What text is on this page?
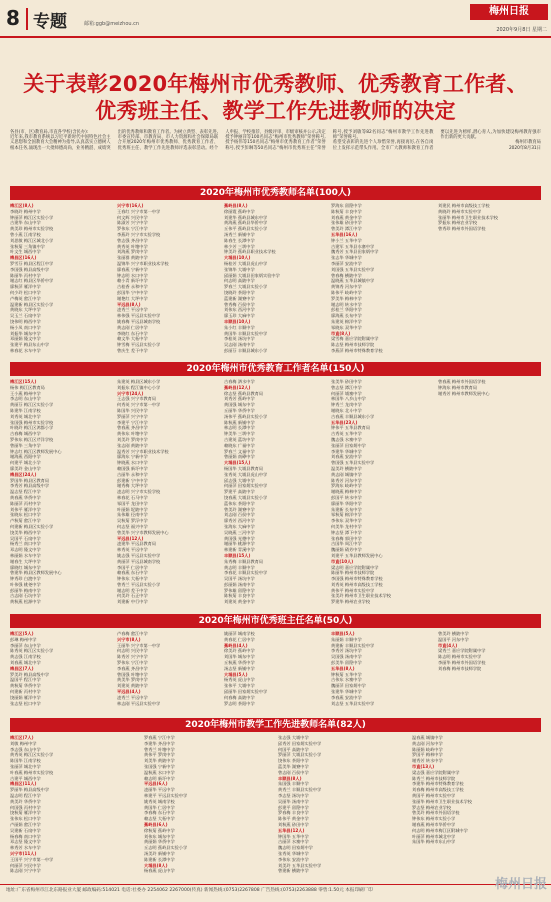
8 专题	邮箱:ggb@meizhou.cn
梅州日报
2020年9月8日 星期二
关于表彰2020年梅州市优秀教师、优秀教育工作者、
优秀班主任、教学工作先进教师的决定

各县(市、区)教育局,市直各学校(含民办):

近年来,我市教育系统以习近平新时代中国特色社会主义思想和全国教育大会精神为指导,认真落实立德树人根本任务,涌现出一大批师德高尚、业务精湛、成绩突出的优秀教师和教育工作者。为树立典型、表彰先进,市委宣传部、市教育局、市人力资源和社会保障局联合开展2020年梅州市优秀教师、优秀教育工作者、优秀班主任、教学工作先进教师评选表彰活动。经个人申报、学校推荐、县级评审、市级审核并公示,决定授予钟丽萍等100名同志“梅州市优秀教师”荣誉称号,授予杨伟等150名同志“梅州市优秀教育工作者”荣誉称号,授予彭琳等50名同志“梅州市优秀班主任”荣誉称号,授予刘敏等82名同志“梅州市教学工作先进教师”荣誉称号。

希望受表彰的先进个人珍惜荣誉,再接再厉,在各自岗位上发挥示范带头作用。全市广大教师和教育工作者要以先进为榜样,潜心育人,为加快建设梅州教育强市作出新的更大贡献。

梅州市教育局

2020年8月31日

2020年梅州市优秀教师名单(100人)
梅江区(8人)
李晓玲 梅州中学
钟丽萍 梅江区实验小学
古建华 东山中学
黄美珍 梅州市实验学校
曾小燕 江南学校
刘思敏 梅江区城北小学
张秋菊 三角镇中学
叶文生 城西中学
梅县区(16人)
罗雪芬 梅县区程江中学
李国强 梅县高级中学
陈丽华 丙村中学
谢志红 梅县区华侨中学
廖秋萍 雁洋中学
何少玲 松口中学
卢梅英 畲江中学
温建新 梅县区实验小学
黄晓东 大坪中学
吴玉兰 石扇中学
饶伟明 梅西中学
杨小凤 南口中学
刘振华 城东中学
邓丽娟 隆文中学
张建平 梅县东山中学
林春花 水车中学
兴宁市(16人)
王春红 兴宁市第一中学
何文辉 兴民中学
陈淑芳 兴宁中学
罗伟东 宁江中学
李燕玲 兴宁市实验学校
曾志强 齐昌中学
黄秀英 叶塘中学
刘海燕 罗岗中学
张丽群 黄陂中学
温锦华 兴宁市职业技术学校
廖春燕 宁新中学
钟志明 水口中学
赖小青 新圩中学
古桂香 永和中学
彭国华 宁中中学
谢艳红 大坪中学
平远县(8人)
凌秀兰 平远中学
林伟强 平远县实验中学
姚春梅 平远县城南学校
黄志刚 仁居中学
李晓红 东石中学
赖文华 大柘中学
钟雪梅 平远县实验小学
曾庆生 差干中学
蕉岭县(8人)
徐丽霞 蕉岭中学
刘建华 蕉岭县城东中学
黄海燕 蕉岭县华侨中学
丘伟平 蕉岭县实验小学
汤秀兰 新铺中学
陈春生 长潭中学
林少芳 三圳中学
钟美玲 蕉岭县职业技术学校
大埔县(10人)
杨桂芳 大埔县虎山中学
张锦华 大埔中学
邱丽娟 大埔县田家炳实验中学
何志明 高陂中学
罗春兰 大埔县实验小学
饶晓玲 茶阳中学
蓝建新 湖寮中学
曾秀梅 百侯中学
刘伟东 西河中学
廖玉珍 大麻中学
丰顺县(10人)
朱小红 丰顺中学
黄国华 丰顺县实验中学
李桂英 汤坑中学
吴志刚 汤南中学
彭丽芬 丰顺县城东小学
罗海东 留隍中学
陈秋菊 丰良中学
刘春燕 黄金中学
张伟雄 砂田中学
曾美玲 潭江中学
五华县(16人)
钟小兰 五华中学
古建军 五华县水寨中学
魏秀芳 五华县田家炳中学
张志华 华城中学
李丽萍 安流中学
刘国强 五华县实验中学
曾春梅 横陂中学
温晓燕 五华县城镇中学
黄锦秀 河东中学
陈伟平 岐岭中学
罗美华 梅林中学
谢志明 转水中学
彭桂兰 华阳中学
廖海燕 长布中学
朱建英 棉洋中学
邹晓东 双华中学
市直(8人)
梁雪梅 嘉应学院附属中学
陈志坚 梅州市技师学院
李燕萍 梅州市特殊教育学校
刘建民 梅州市高级技工学校
黄晓玲 梅州市实验中学
张丽华 梅州市卫生职业技术学校
罗振东 梅州农业学校
曾秀珍 梅州市外国语学校
2020年梅州市优秀教育工作者名单(150人)
梅江区(15人)
杨伟 梅江区教育局
王小燕 梅州中学
李志明 东山中学
黄丽芬 梅江区实验小学
陈建华 江南学校
刘秀英 城北中学
张国强 梅州市实验学校
叶晓玲 梅江区鸿都小学
古春梅 城西中学
罗伟东 梅江区芹洋学校
曾丽华 三角中学
钟志红 梅江区教师发展中心
谢海燕 西阳中学
何建平 城北小学
廖美玲 金山中学
梅县区(24人)
罗国华 梅县区教育局
李秀芳 梅县高级中学
温志坚 程江中学
黄春燕 华侨中学
陈丽萍 丙村中学
刘伟平 雁洋中学
张晓东 松口中学
卢秋菊 畲江中学
何建新 梅县区实验小学
饶美华 梅西中学
吴国平 石扇中学
杨秀兰 南口中学
邓志明 隆文中学
林丽娟 水车中学
谢春生 大坪中学
廖晓红 城东中学
曾建华 梅县区教师发展中心
钟秀珍 白渡中学
叶伟强 桃尧中学
彭丽华 梅南中学
古志刚 石坑中学
黄秋燕 松源中学
朱建英 梅县区城东小学
刘振东 程江镇中心小学
兴宁市(24人)
王志强 兴宁市教育局
何秀英 兴宁市第一中学
陈国华 兴民中学
罗丽萍 兴宁中学
李建平 宁江中学
曾春燕 齐昌中学
黄伟东 叶塘中学
刘美玲 罗岗中学
张志刚 黄陂中学
温秀芳 兴宁市职业技术学校
廖海东 宁新中学
钟晓燕 水口中学
赖国强 新圩中学
古丽华 永和中学
彭建新 宁中中学
谢秀梅 大坪中学
凌志明 兴宁市实验学校
林春花 石马中学
邹国平 龙田中学
叶丽娟 坭陂中学
朱伟雄 径南中学
吴秋菊 罗浮中学
何志坚 福兴中学
曾美华 兴宁市教师发展中心
平远县(12人)
凌建华 平远县教育局
林秀英 平远中学
姚志强 平远县实验中学
黄丽萍 平远县城南学校
李国平 仁居中学
赖春燕 东石中学
钟伟东 大柘中学
曾秀兰 平远县实验小学
谢志明 差干中学
何美玲 石正中学
刘建新 中行中学
古春梅 泗水中学
蕉岭县(12人)
徐志坚 蕉岭县教育局
刘秀芳 蕉岭中学
黄国强 城东中学
丘丽华 华侨中学
汤伟平 蕉岭县实验小学
陈秋燕 新铺中学
林志明 长潭中学
钟美华 三圳中学
古建英 蓝坊中学
赖晓东 广福中学
罗春兰 文福中学
曾丽娟 南磜中学
大埔县(15人)
杨国华 大埔县教育局
张秀英 大埔县虎山中学
邱志强 大埔中学
何丽萍 田家炳实验中学
罗建平 高陂中学
饶春燕 大埔县实验小学
蓝伟东 茶阳中学
曾美玲 湖寮中学
刘志刚 百侯中学
廖秀芳 西河中学
张海东 大麻中学
吴晓燕 三河中学
黄国强 光德中学
谢丽华 桃源中学
林建新 青溪中学
丰顺县(15人)
朱秀梅 丰顺县教育局
黄志明 丰顺中学
李春花 丰顺县实验中学
吴国平 汤坑中学
彭丽娟 汤南中学
罗伟雄 留隍中学
陈秋菊 丰良中学
刘建英 黄金中学
张美华 砂田中学
曾志坚 潭江中学
何丽萍 埔寨中学
林国华 八乡山中学
钟秀兰 龙岗中学
谢晓东 北斗中学
古春燕 丰顺县城东小学
五华县(23人)
钟伟平 五华县教育局
古秀英 五华中学
魏志强 水寨中学
张丽萍 田家炳中学
李建华 华城中学
刘春燕 安流中学
曾国强 五华县实验中学
温美玲 横陂中学
黄志刚 城镇中学
陈秀芳 河东中学
罗海东 岐岭中学
谢晓燕 梅林中学
彭国平 转水中学
廖丽华 华阳中学
朱建新 长布中学
邹秋菊 棉洋中学
李伟东 双华中学
何美华 龙村中学
钟志坚 潭下中学
张春梅 郭田中学
古国华 周江中学
魏丽娟 硝芳中学
刘建平 五华县教师发展中心
市直(10人)
梁志明 嘉应学院附属中学
陈丽华 梅州市技师学院
李国强 梅州市特殊教育学校
刘秀英 梅州市高级技工学校
黄伟平 梅州市实验中学
张美玲 梅州市卫生职业技术学校
罗建华 梅州农业学校
曾春燕 梅州市外国语学校
钟海东 梅州市教育局
谢秀芳 梅州市教师发展中心
2020年梅州市优秀班主任名单(50人)
梅江区(5人)
彭琳 梅州中学
李丽萍 东山中学
陈秀英 梅江区实验小学
黄志强 江南学校
刘春燕 城北中学
梅县区(7人)
罗美玲 梅县高级中学
温国平 程江中学
黄秋菊 华侨中学
何建新 丙村中学
饶丽娟 雁洋中学
张志坚 松口中学
卢春梅 畲江中学
兴宁市(8人)
王丽华 兴宁市第一中学
何志明 兴民中学
陈秀芳 兴宁中学
罗伟东 宁江中学
李春燕 齐昌中学
曾国强 叶塘中学
黄美华 罗岗中学
刘建英 黄陂中学
平远县(4人)
凌秀兰 平远中学
林志刚 平远县实验中学
姚丽萍 城南学校
黄春花 仁居中学
蕉岭县(4人)
徐美玲 蕉岭中学
刘国华 城东中学
丘秋燕 华侨中学
汤志坚 新铺中学
大埔县(5人)
杨秀英 虎山中学
张伟平 大埔中学
邱丽华 田家炳实验中学
何春梅 高陂中学
罗志明 茶阳中学
丰顺县(5人)
朱丽娟 丰顺中学
黄建新 丰顺县实验中学
李秀芳 汤坑中学
吴国强 汤南中学
彭美华 留隍中学
五华县(8人)
钟秋菊 五华中学
古伟东 水寨中学
魏丽萍 田家炳中学
张建华 华城中学
李春燕 安流中学
刘志坚 五华县实验中学
曾美玲 横陂中学
温国平 河东中学
市直(4人)
梁秀兰 嘉应学院附属中学
陈志明 梅州市实验中学
李丽华 梅州市外国语学校
刘春梅 梅州市技师学院
2020年梅州市教学工作先进教师名单(82人)
梅江区(7人)
刘敏 梅州中学
李志强 东山中学
黄秀英 梅江区实验小学
陈国华 江南学校
张丽萍 城北中学
叶春燕 梅州市实验学校
古建平 城西中学
梅县区(11人)
罗丽华 梅县高级中学
温志明 程江中学
黄美玲 华侨中学
何国强 丙村中学
饶秋菊 雁洋中学
张伟东 松口中学
卢丽娟 畲江中学
吴建新 石扇中学
杨春梅 南口中学
邓志坚 隆文中学
林秀芳 水车中学
兴宁市(11人)
王国平 兴宁市第一中学
何丽萍 兴民中学
陈志刚 兴宁中学
罗春燕 宁江中学
李建华 齐昌中学
曾秀兰 叶塘中学
黄伟平 罗岗中学
刘美华 黄陂中学
张国强 宁新中学
温秋燕 水口中学
赖志明 新圩中学
平远县(6人)
凌丽华 平远中学
林建平 平远县实验中学
姚秀英 城南学校
黄国华 仁居中学
李春梅 东石中学
赖志坚 大柘中学
蕉岭县(6人)
徐秋菊 蕉岭中学
刘伟东 城东中学
黄丽娟 华侨中学
丘志明 蕉岭县实验小学
汤美玲 新铺中学
陈建新 长潭中学
大埔县(8人)
杨春燕 虎山中学
张志强 大埔中学
邱秀芳 田家炳实验中学
何国平 高陂中学
罗丽萍 大埔县实验小学
饶伟东 茶阳中学
蓝美华 湖寮中学
曾志刚 百侯中学
丰顺县(8人)
朱国强 丰顺中学
黄秀兰 丰顺县实验中学
李志坚 汤坑中学
吴丽华 汤南中学
彭建平 留隍中学
罗春梅 丰良中学
陈伟平 黄金中学
刘秋燕 砂田中学
五华县(12人)
钟国华 五华中学
古丽萍 水寨中学
魏志明 田家炳中学
张秀英 华城中学
李伟东 安流中学
刘美玲 五华县实验中学
曾建新 横陂中学
温春燕 城镇中学
黄志刚 河东中学
陈丽娟 岐岭中学
罗国平 梅林中学
谢秀芳 转水中学
市直(13人)
梁志强 嘉应学院附属中学
陈秀兰 梅州市技师学院
李建华 梅州市特殊教育学校
刘春梅 梅州市高级技工学校
黄国平 梅州市实验中学
张丽华 梅州市卫生职业技术学校
罗志坚 梅州农业学校
曾美玲 梅州市外国语学校
钟伟东 梅州市实验小学
谢春燕 梅州市华侨中学
何志明 梅州市梅江区附城中学
叶丽萍 梅州市城北中学
朱国华 梅州市东山中学
地址:广东省梅州市江北东路报业大厦 邮政编码:514021 电话:社委办 2254062 2267000(传真) 新闻热线:(0753)2267808 广告热线:(0753)2263888 零售:1.50元 本报印刷厂印	梅州日报
